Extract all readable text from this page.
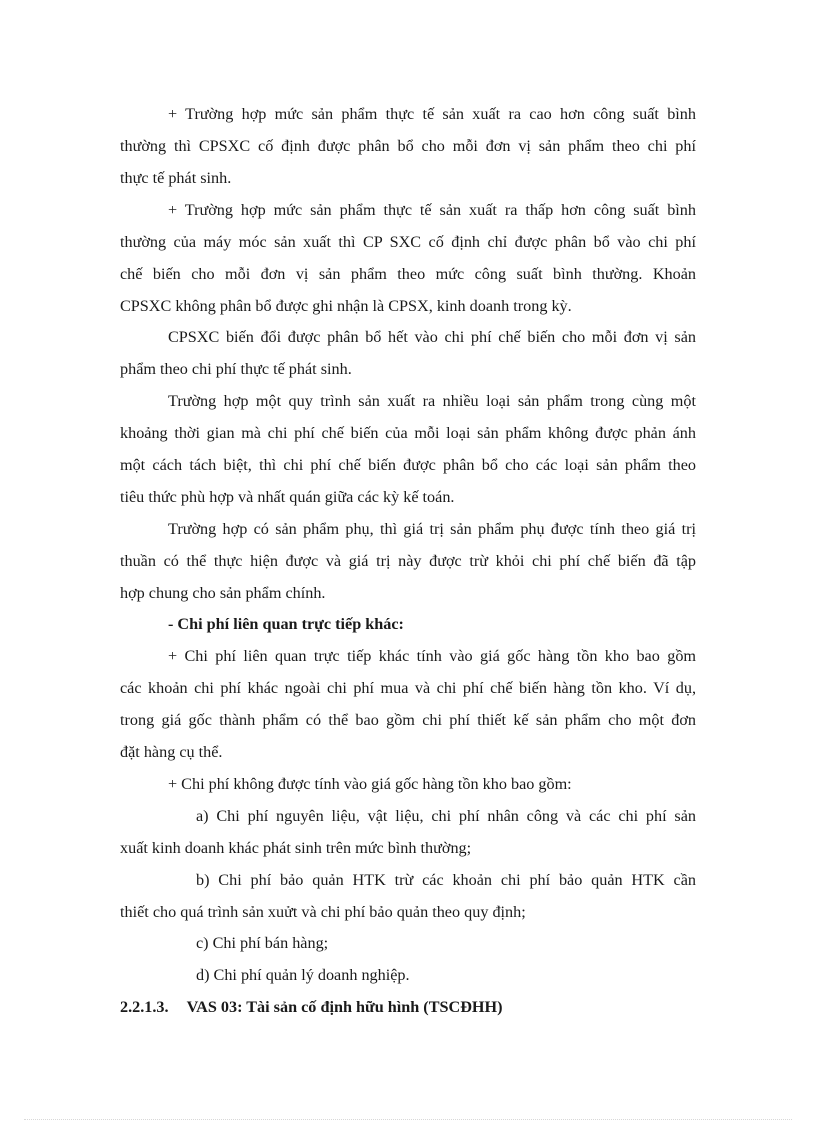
+ Trường hợp mức sản phẩm thực tế sản xuất ra cao hơn công suất bình
thường thì CPSXC cố định được phân bổ cho mỗi đơn vị sản phẩm theo chi phí
thực tế phát sinh.
+ Trường hợp mức sản phẩm thực tế sản xuất ra thấp hơn công suất bình
thường của máy móc sản xuất thì CP SXC cố định chỉ được phân bổ vào chi phí
chế biến cho mỗi đơn vị sản phẩm theo mức công suất bình thường. Khoản
CPSXC không phân bổ được ghi nhận là CPSX, kinh doanh trong kỳ.
CPSXC biến đổi được phân bổ hết vào chi phí chế biến cho mỗi đơn vị sản
phẩm theo chi phí thực tế phát sinh.
Trường hợp một quy trình sản xuất ra nhiều loại sản phẩm trong cùng một
khoảng thời gian mà chi phí chế biến của mỗi loại sản phẩm không được phản ánh
một cách tách biệt, thì chi phí chế biến được phân bổ cho các loại sản phẩm theo
tiêu thức phù hợp và nhất quán giữa các kỳ kế toán.
Trường hợp có sản phẩm phụ, thì giá trị sản phẩm phụ được tính theo giá trị
thuần có thể thực hiện được và giá trị này được trừ khỏi chi phí chế biến đã tập
hợp chung cho sản phẩm chính.
- Chi phí liên quan trực tiếp khác:
+ Chi phí liên quan trực tiếp khác tính vào giá gốc hàng tồn kho bao gồm
các khoản chi phí khác ngoài chi phí mua và chi phí chế biến hàng tồn kho. Ví dụ,
trong giá gốc thành phẩm có thể bao gồm chi phí thiết kế sản phẩm cho một đơn
đặt hàng cụ thể.
+ Chi phí không được tính vào giá gốc hàng tồn kho bao gồm:
a) Chi phí nguyên liệu, vật liệu, chi phí nhân công và các chi phí sản
xuất kinh doanh khác phát sinh trên mức bình thường;
b) Chi phí bảo quản HTK trừ các khoản chi phí bảo quản HTK cần
thiết cho quá trình sản xuửt và chi phí bảo quản theo quy định;
c) Chi phí bán hàng;
d) Chi phí quản lý doanh nghiệp.
2.2.1.3. VAS 03: Tài sản cố định hữu hình (TSCĐHH)
